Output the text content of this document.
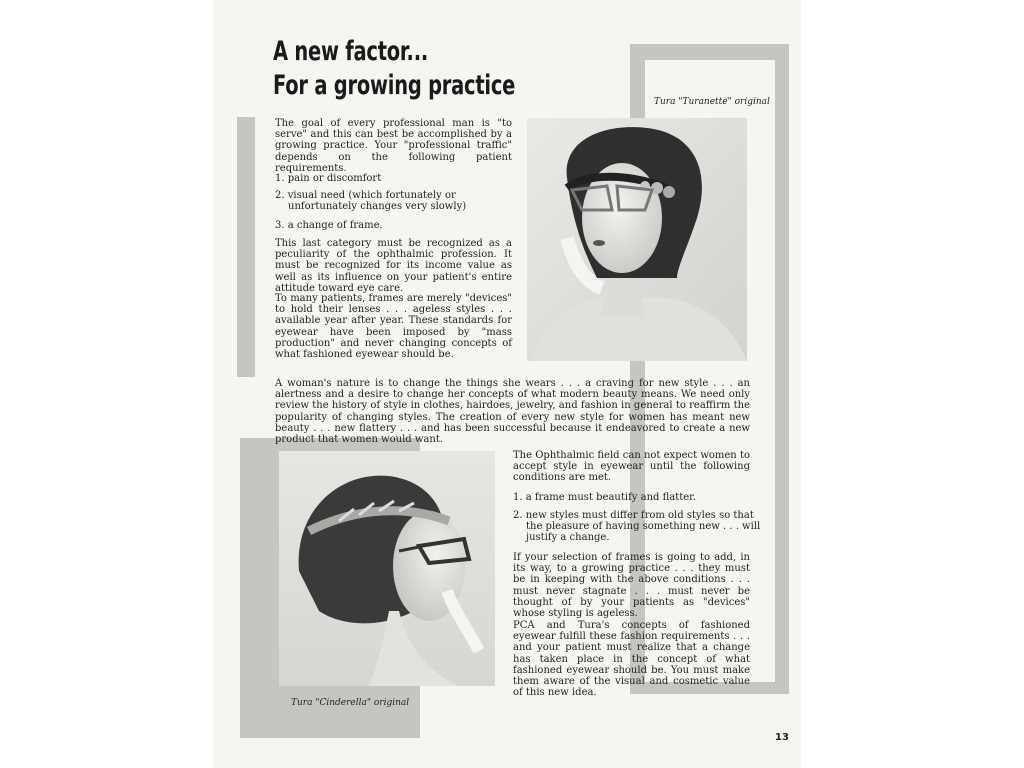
A new factor...
For a growing practice
Tura "Turanette" original

The goal of every professional man is "to serve" and this can best be accomplished by a growing practice. Your "professional traffic" depends on the following patient requirements.

1. pain or discomfort

2. visual need (which fortunately or unfortunately changes very slowly)

3. a change of frame.

This last category must be recognized as a peculiarity of the ophthalmic profession. It must be recognized for its income value as well as its influence on your patient's entire attitude toward eye care.

To many patients, frames are merely "devices" to hold their lenses . . . ageless styles . . . available year after year. These standards for eyewear have been imposed by "mass production" and never changing concepts of what fashioned eyewear should be.

A woman's nature is to change the things she wears . . . a craving for new style . . . an alertness and a desire to change her concepts of what modern beauty means. We need only review the history of style in clothes, hairdoes, jewelry, and fashion in general to reaffirm the popularity of changing styles. The creation of every new style for women has meant new beauty . . . new flattery . . . and has been successful because it endeavored to create a new product that women would want.

Tura "Cinderella" original

The Ophthalmic field can not expect women to accept style in eyewear until the following conditions are met.

1. a frame must beautify and flatter.

2. new styles must differ from old styles so that the pleasure of having something new . . . will justify a change.

If your selection of frames is going to add, in its way, to a growing practice . . . they must be in keeping with the above conditions . . . must never stagnate . . . must never be thought of by your patients as "devices" whose styling is ageless.

PCA and Tura's concepts of fashioned eyewear fulfill these fashion requirements . . . and your patient must realize that a change has taken place in the concept of what fashioned eyewear should be. You must make them aware of the visual and cosmetic value of this new idea.

13
